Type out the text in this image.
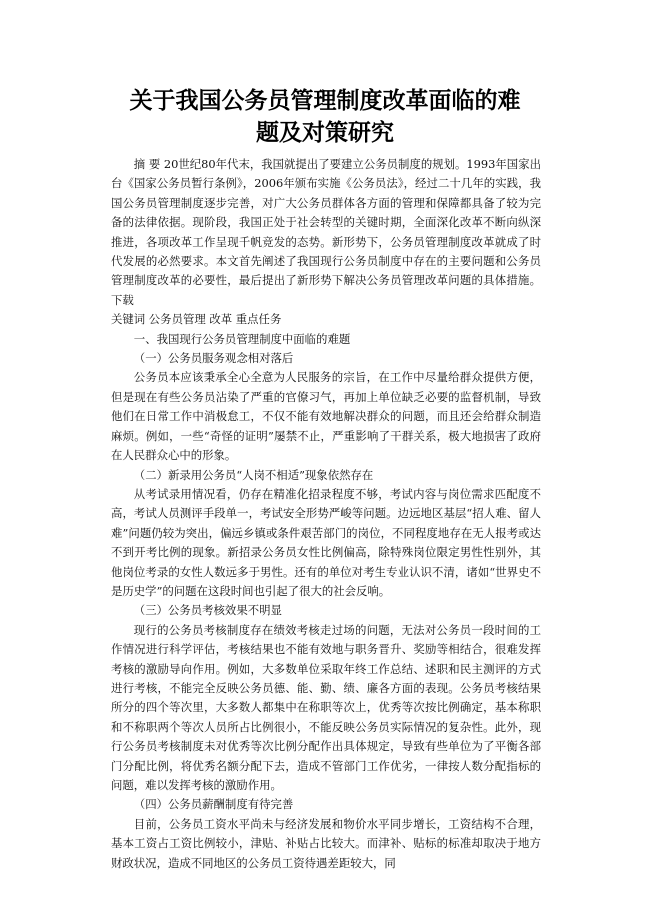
关于我国公务员管理制度改革面临的难
题及对策研究

摘 要 20世纪80年代末，我国就提出了要建立公务员制度的规划。1993年国家出台《国家公务员暂行条例》，2006年颁布实施《公务员法》，经过二十几年的实践，我国公务员管理制度逐步完善，对广大公务员群体各方面的管理和保障都具备了较为完备的法律依据。现阶段，我国正处于社会转型的关键时期，全面深化改革不断向纵深推进，各项改革工作呈现千帆竞发的态势。新形势下，公务员管理制度改革就成了时代发展的必然要求。本文首先阐述了我国现行公务员制度中存在的主要问题和公务员管理制度改革的必要性，最后提出了新形势下解决公务员管理改革问题的具体措施。 下载

关键词 公务员管理 改革 重点任务

一、我国现行公务员管理制度中面临的难题

（一）公务员服务观念相对落后

公务员本应该秉承全心全意为人民服务的宗旨，在工作中尽量给群众提供方便，但是现在有些公务员沾染了严重的官僚习气，再加上单位缺乏必要的监督机制，导致他们在日常工作中消极怠工，不仅不能有效地解决群众的问题，而且还会给群众制造麻烦。例如，一些“奇怪的证明”屡禁不止，严重影响了干群关系，极大地损害了政府在人民群众心中的形象。

（二）新录用公务员“人岗不相适”现象依然存在

从考试录用情况看，仍存在精准化招录程度不够，考试内容与岗位需求匹配度不高，考试人员测评手段单一，考试安全形势严峻等问题。边远地区基层“招人难、留人难”问题仍较为突出，偏远乡镇或条件艰苦部门的岗位，不同程度地存在无人报考或达不到开考比例的现象。新招录公务员女性比例偏高，除特殊岗位限定男性性别外，其他岗位考录的女性人数远多于男性。还有的单位对考生专业认识不清，诸如“世界史不是历史学”的问题在这段时间也引起了很大的社会反响。

（三）公务员考核效果不明显

现行的公务员考核制度存在绩效考核走过场的问题，无法对公务员一段时间的工作情况进行科学评估，考核结果也不能有效地与职务晋升、奖励等相结合，很难发挥考核的激励导向作用。例如，大多数单位采取年终工作总结、述职和民主测评的方式进行考核，不能完全反映公务员德、能、勤、绩、廉各方面的表现。公务员考核结果所分的四个等次里，大多数人都集中在称职等次上，优秀等次按比例确定，基本称职和不称职两个等次人员所占比例很小，不能反映公务员实际情况的复杂性。此外，现行公务员考核制度未对优秀等次比例分配作出具体规定，导致有些单位为了平衡各部门分配比例，将优秀名额分配下去，造成不管部门工作优劣，一律按人数分配指标的问题，难以发挥考核的激励作用。

（四）公务员薪酬制度有待完善

目前，公务员工资水平尚未与经济发展和物价水平同步增长，工资结构不合理，基本工资占工资比例较小，津贴、补贴占比较大。而津补、贴标的标准却取决于地方财政状况，造成不同地区的公务员工资待遇差距较大，同
